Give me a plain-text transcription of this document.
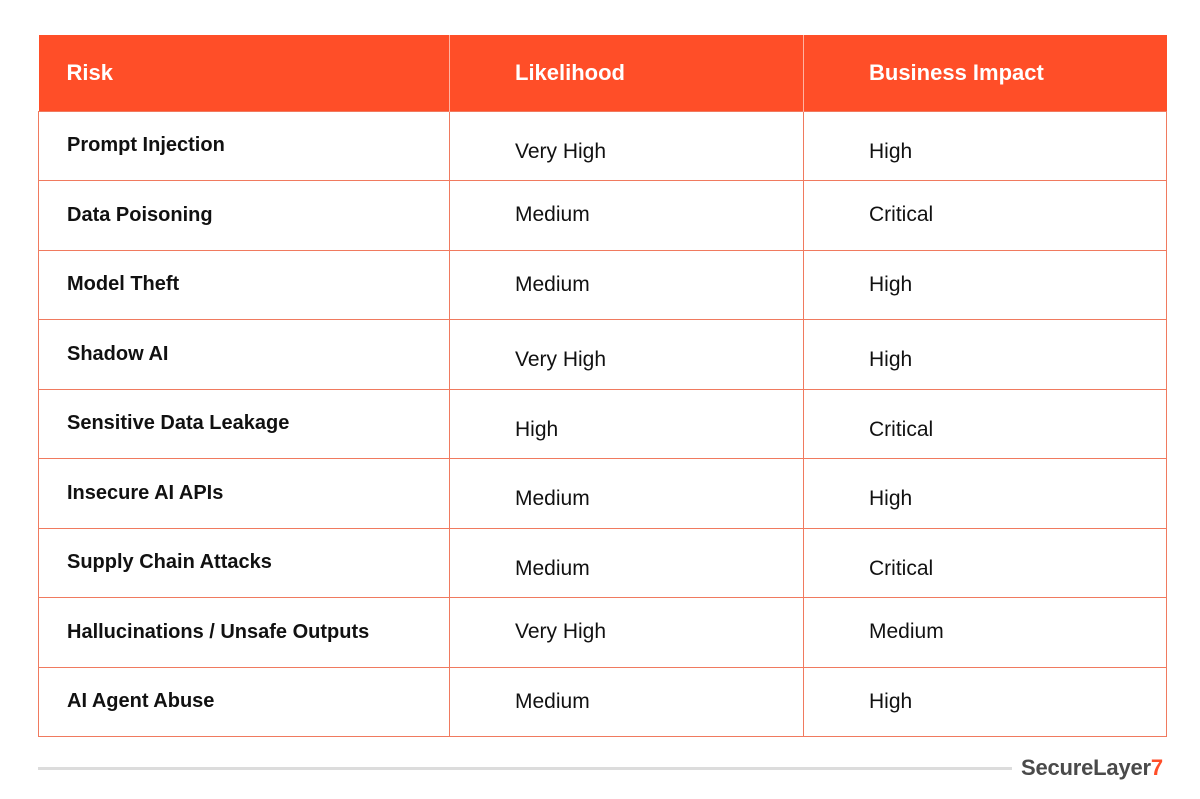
Risk	Likelihood	Business Impact
Prompt Injection	Very High	High
Data Poisoning	Medium	Critical
Model Theft	Medium	High
Shadow AI	Very High	High
Sensitive Data Leakage	High	Critical
Insecure AI APIs	Medium	High
Supply Chain Attacks	Medium	Critical
Hallucinations / Unsafe Outputs	Very High	Medium
AI Agent Abuse	Medium	High
SecureLayer7
